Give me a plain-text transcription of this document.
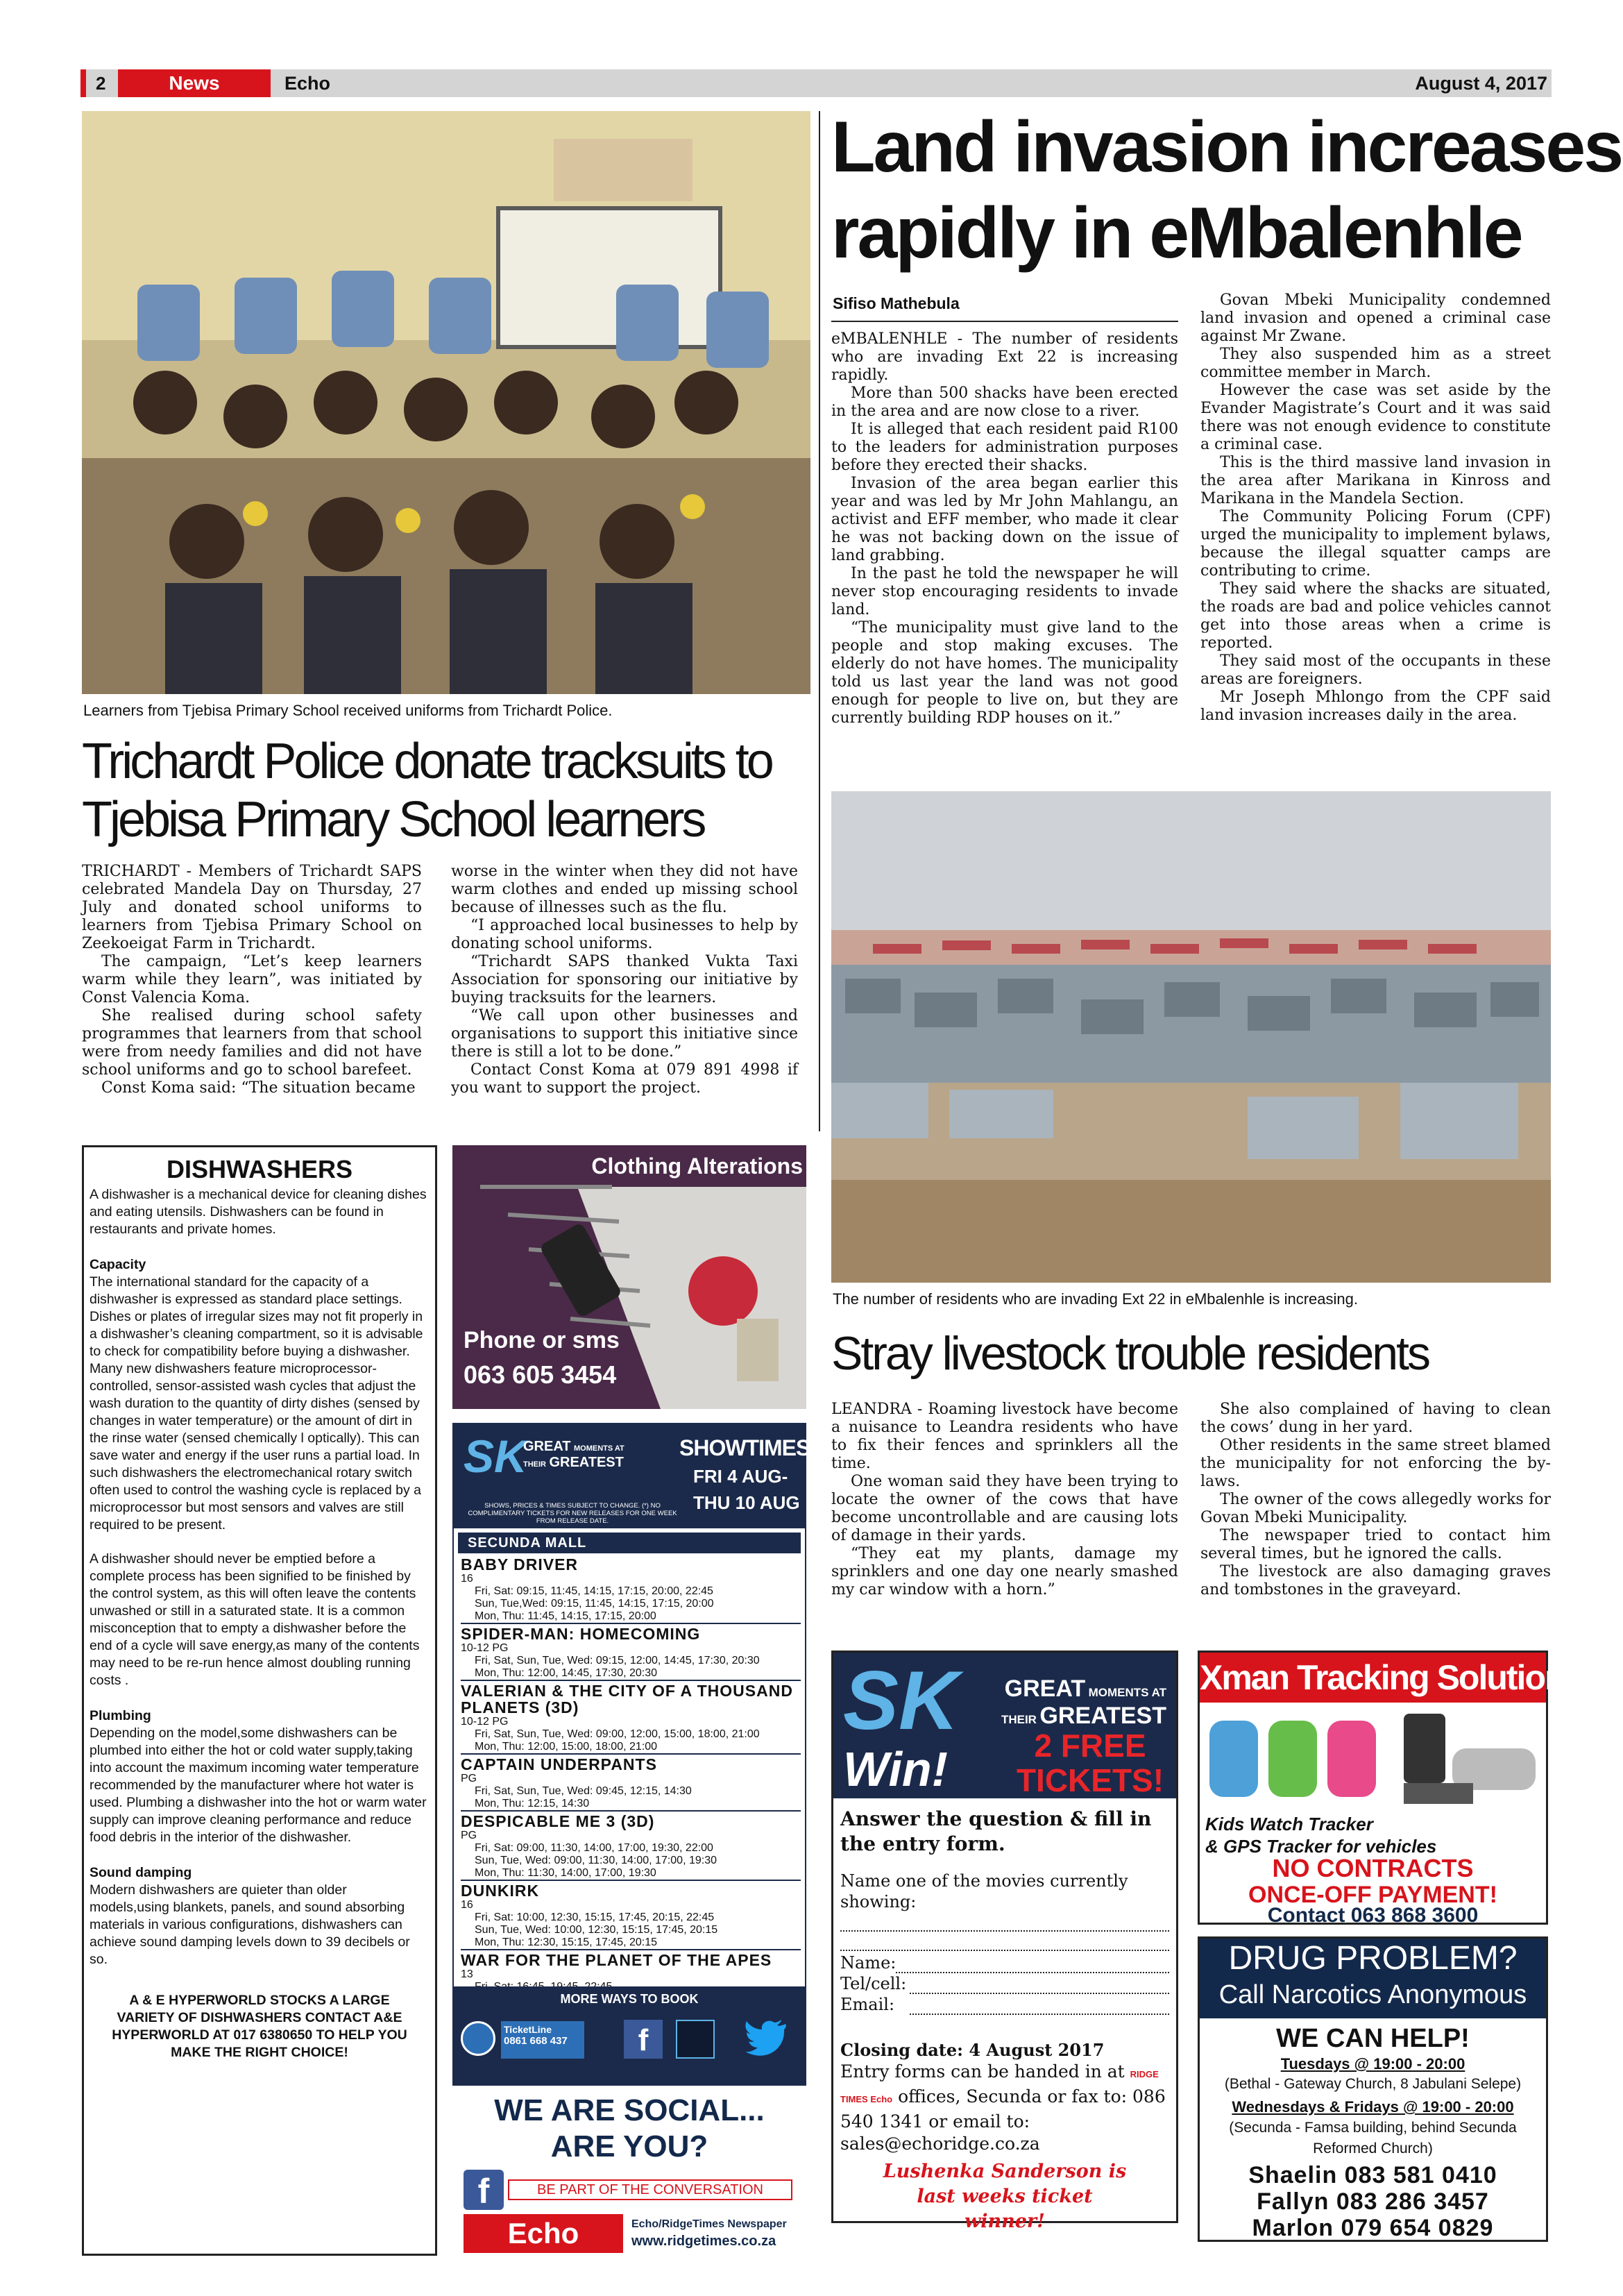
2	News	Echo	August 4, 2017
Learners from Tjebisa Primary School received uniforms from Trichardt Police.
Trichardt Police donate tracksuits to
Tjebisa Primary School learners

TRICHARDT - Members of Trichardt SAPS celebrated Mandela Day on Thursday, 27 July and donated school uniforms to learners from Tjebisa Primary School on Zeekoeigat Farm in Trichardt.

The campaign, “Let’s keep learners warm while they learn”, was initiated by Const Valencia Koma.

She realised during school safety programmes that learners from that school were from needy families and did not have school uniforms and go to school barefeet.

Const Koma said: “The situation became

worse in the winter when they did not have warm clothes and ended up missing school because of illnesses such as the flu.

“I approached local businesses to help by donating school uniforms.

“Trichardt SAPS thanked Vukta Taxi Association for sponsoring our initiative by buying tracksuits for the learners.

“We call upon other businesses and organisations to support this initiative since there is still a lot to be done.”

Contact Const Koma at 079 891 4998 if you want to support the project.

Land invasion increases
rapidly in eMbalenhle
Sifiso Mathebula

eMBALENHLE - The number of residents who are invading Ext 22 is increasing rapidly.

More than 500 shacks have been erected in the area and are now close to a river.

It is alleged that each resident paid R100 to the leaders for administration purposes before they erected their shacks.

Invasion of the area began earlier this year and was led by Mr John Mahlangu, an activist and EFF member, who made it clear he was not backing down on the issue of land grabbing.

In the past he told the newspaper he will never stop encouraging residents to invade land.

“The municipality must give land to the people and stop making excuses. The elderly do not have homes. The municipality told us last year the land was not good enough for people to live on, but they are currently building RDP houses on it.”

Govan Mbeki Municipality condemned land invasion and opened a criminal case against Mr Zwane.

They also suspended him as a street committee member in March.

However the case was set aside by the Evander Magistrate’s Court and it was said there was not enough evidence to constitute a criminal case.

This is the third massive land invasion in the area after Marikana in Kinross and Marikana in the Mandela Section.

The Community Policing Forum (CPF) urged the municipality to implement bylaws, because the illegal squatter camps are contributing to crime.

They said where the shacks are situated, the roads are bad and police vehicles cannot get into those areas when a crime is reported.

They said most of the occupants in these areas are foreigners.

Mr Joseph Mhlongo from the CPF said land invasion increases daily in the area.

The number of residents who are invading Ext 22 in eMbalenhle is increasing.
Stray livestock trouble residents

LEANDRA - Roaming livestock have become a nuisance to Leandra residents who have to fix their fences and sprinklers all the time.

One woman said they have been trying to locate the owner of the cows that have become uncontrollable and are causing lots of damage in their yards.

“They eat my plants, damage my sprinklers and one day one nearly smashed my car window with a horn.”

She also complained of having to clean the cows’ dung in her yard.

Other residents in the same street blamed the municipality for not enforcing the by-laws.

The owner of the cows allegedly works for Govan Mbeki Municipality.

The newspaper tried to contact him several times, but he ignored the calls.

The livestock are also damaging graves and tombstones in the graveyard.

DISHWASHERS

A dishwasher is a mechanical device for cleaning dishes and eating utensils. Dishwashers can be found in restaurants and private homes.

Capacity

The international standard for the capacity of a dishwasher is expressed as standard place settings. Dishes or plates of irregular sizes may not fit properly in a dishwasher’s cleaning compartment, so it is advisable to check for compatibility before buying a dishwasher. Many new dishwashers feature microprocessor-controlled, sensor-assisted wash cycles that adjust the wash duration to the quantity of dirty dishes (sensed by changes in water temperature) or the amount of dirt in the rinse water (sensed chemically l optically). This can save water and energy if the user runs a partial load. In such dishwashers the electromechanical rotary switch often used to control the washing cycle is replaced by a microprocessor but most sensors and valves are still required to be present.

A dishwasher should never be emptied before a complete process has been signified to be finished by the control system, as this will often leave the contents unwashed or still in a saturated state. It is a common misconception that to empty a dishwasher before the end of a cycle will save energy,as many of the contents may need to be re-run hence almost doubling running costs .

Plumbing

Depending on the model,some dishwashers can be plumbed into either the hot or cold water supply,taking into account the maximum incoming water temperature recommended by the manufacturer where hot water is used. Plumbing a dishwasher into the hot or warm water supply can improve cleaning performance and reduce food debris in the interior of the dishwasher.

Sound damping

Modern dishwashers are quieter than older models,using blankets, panels, and sound absorbing materials in various configurations, dishwashers can achieve sound damping levels down to 39 decibels or so.

A & E HYPERWORLD STOCKS A LARGE VARIETY OF DISHWASHERS CONTACT A&E HYPERWORLD AT 017 6380650 TO HELP YOU MAKE THE RIGHT CHOICE!

Clothing Alterations
Phone or sms
063 605 3454
SK
GREAT MOMENTS AT
THEIR GREATEST
SHOWTIMES
FRI 4 AUG-
THU 10 AUG
SHOWS, PRICES & TIMES SUBJECT TO CHANGE. (*) NO COMPLIMENTARY TICKETS FOR NEW RELEASES FOR ONE WEEK FROM RELEASE DATE.
SECUNDA MALL
BABY DRIVER
16
Fri, Sat: 09:15, 11:45, 14:15, 17:15, 20:00, 22:45
Sun, Tue,Wed: 09:15, 11:45, 14:15, 17:15, 20:00
Mon, Thu: 11:45, 14:15, 17:15, 20:00
SPIDER-MAN: HOMECOMING
10-12 PG
Fri, Sat, Sun, Tue, Wed: 09:15, 12:00, 14:45, 17:30, 20:30
Mon, Thu: 12:00, 14:45, 17:30, 20:30
VALERIAN & THE CITY OF A THOUSAND PLANETS (3D)
10-12 PG
Fri, Sat, Sun, Tue, Wed: 09:00, 12:00, 15:00, 18:00, 21:00
Mon, Thu: 12:00, 15:00, 18:00, 21:00
CAPTAIN UNDERPANTS
PG
Fri, Sat, Sun, Tue, Wed: 09:45, 12:15, 14:30
Mon, Thu: 12:15, 14:30
DESPICABLE ME 3 (3D)
PG
Fri, Sat: 09:00, 11:30, 14:00, 17:00, 19:30, 22:00
Sun, Tue, Wed: 09:00, 11:30, 14:00, 17:00, 19:30
Mon, Thu: 11:30, 14:00, 17:00, 19:30
DUNKIRK
16
Fri, Sat: 10:00, 12:30, 15:15, 17:45, 20:15, 22:45
Sun, Tue, Wed: 10:00, 12:30, 15:15, 17:45, 20:15
Mon, Thu: 12:30, 15:15, 17:45, 20:15
WAR FOR THE PLANET OF THE APES
13
MORE WAYS TO BOOK
TicketLine
0861 668 437	f
WE ARE SOCIAL...
ARE YOU?
f	BE PART OF THE CONVERSATION
Echo	Echo/RidgeTimes Newspaper
www.ridgetimes.co.za
SK
Win!
GREAT MOMENTS AT
THEIR GREATEST
2 FREE
TICKETS!
Answer the question & fill in the entry form.
Name one of the movies currently showing:
Name:
Tel/cell:
Email:
Closing date: 4 August 2017
Entry forms can be handed in at RIDGE TIMES Echo offices, Secunda or fax to: 086 540 1341 or email to: sales@echoridge.co.za
Lushenka Sanderson is last weeks ticket winner!
Xman Tracking Solution
Kids Watch Tracker
& GPS Tracker for vehicles
NO CONTRACTS
ONCE-OFF PAYMENT!
Contact 063 868 3600
DRUG PROBLEM?
Call Narcotics Anonymous
WE CAN HELP!
Tuesdays @ 19:00 - 20:00
(Bethal - Gateway Church, 8 Jabulani Selepe)
Wednesdays & Fridays @ 19:00 - 20:00
(Secunda - Famsa building, behind Secunda Reformed Church)
Shaelin 083 581 0410
Fallyn 083 286 3457
Marlon 079 654 0829
